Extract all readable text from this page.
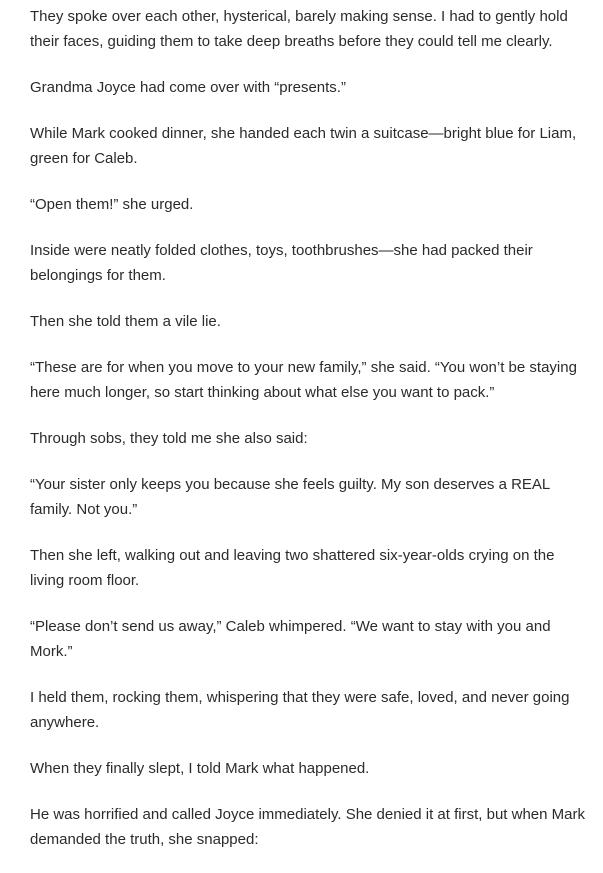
They spoke over each other, hysterical, barely making sense. I had to gently hold their faces, guiding them to take deep breaths before they could tell me clearly.

Grandma Joyce had come over with “presents.”

While Mark cooked dinner, she handed each twin a suitcase—bright blue for Liam, green for Caleb.

“Open them!” she urged.

Inside were neatly folded clothes, toys, toothbrushes—she had packed their belongings for them.

Then she told them a vile lie.

“These are for when you move to your new family,” she said. “You won’t be staying here much longer, so start thinking about what else you want to pack.”

Through sobs, they told me she also said:

“Your sister only keeps you because she feels guilty. My son deserves a REAL family. Not you.”

Then she left, walking out and leaving two shattered six-year-olds crying on the living room floor.

“Please don’t send us away,” Caleb whimpered. “We want to stay with you and Mork.”

I held them, rocking them, whispering that they were safe, loved, and never going anywhere.

When they finally slept, I told Mark what happened.

He was horrified and called Joyce immediately. She denied it at first, but when Mark demanded the truth, she snapped:
